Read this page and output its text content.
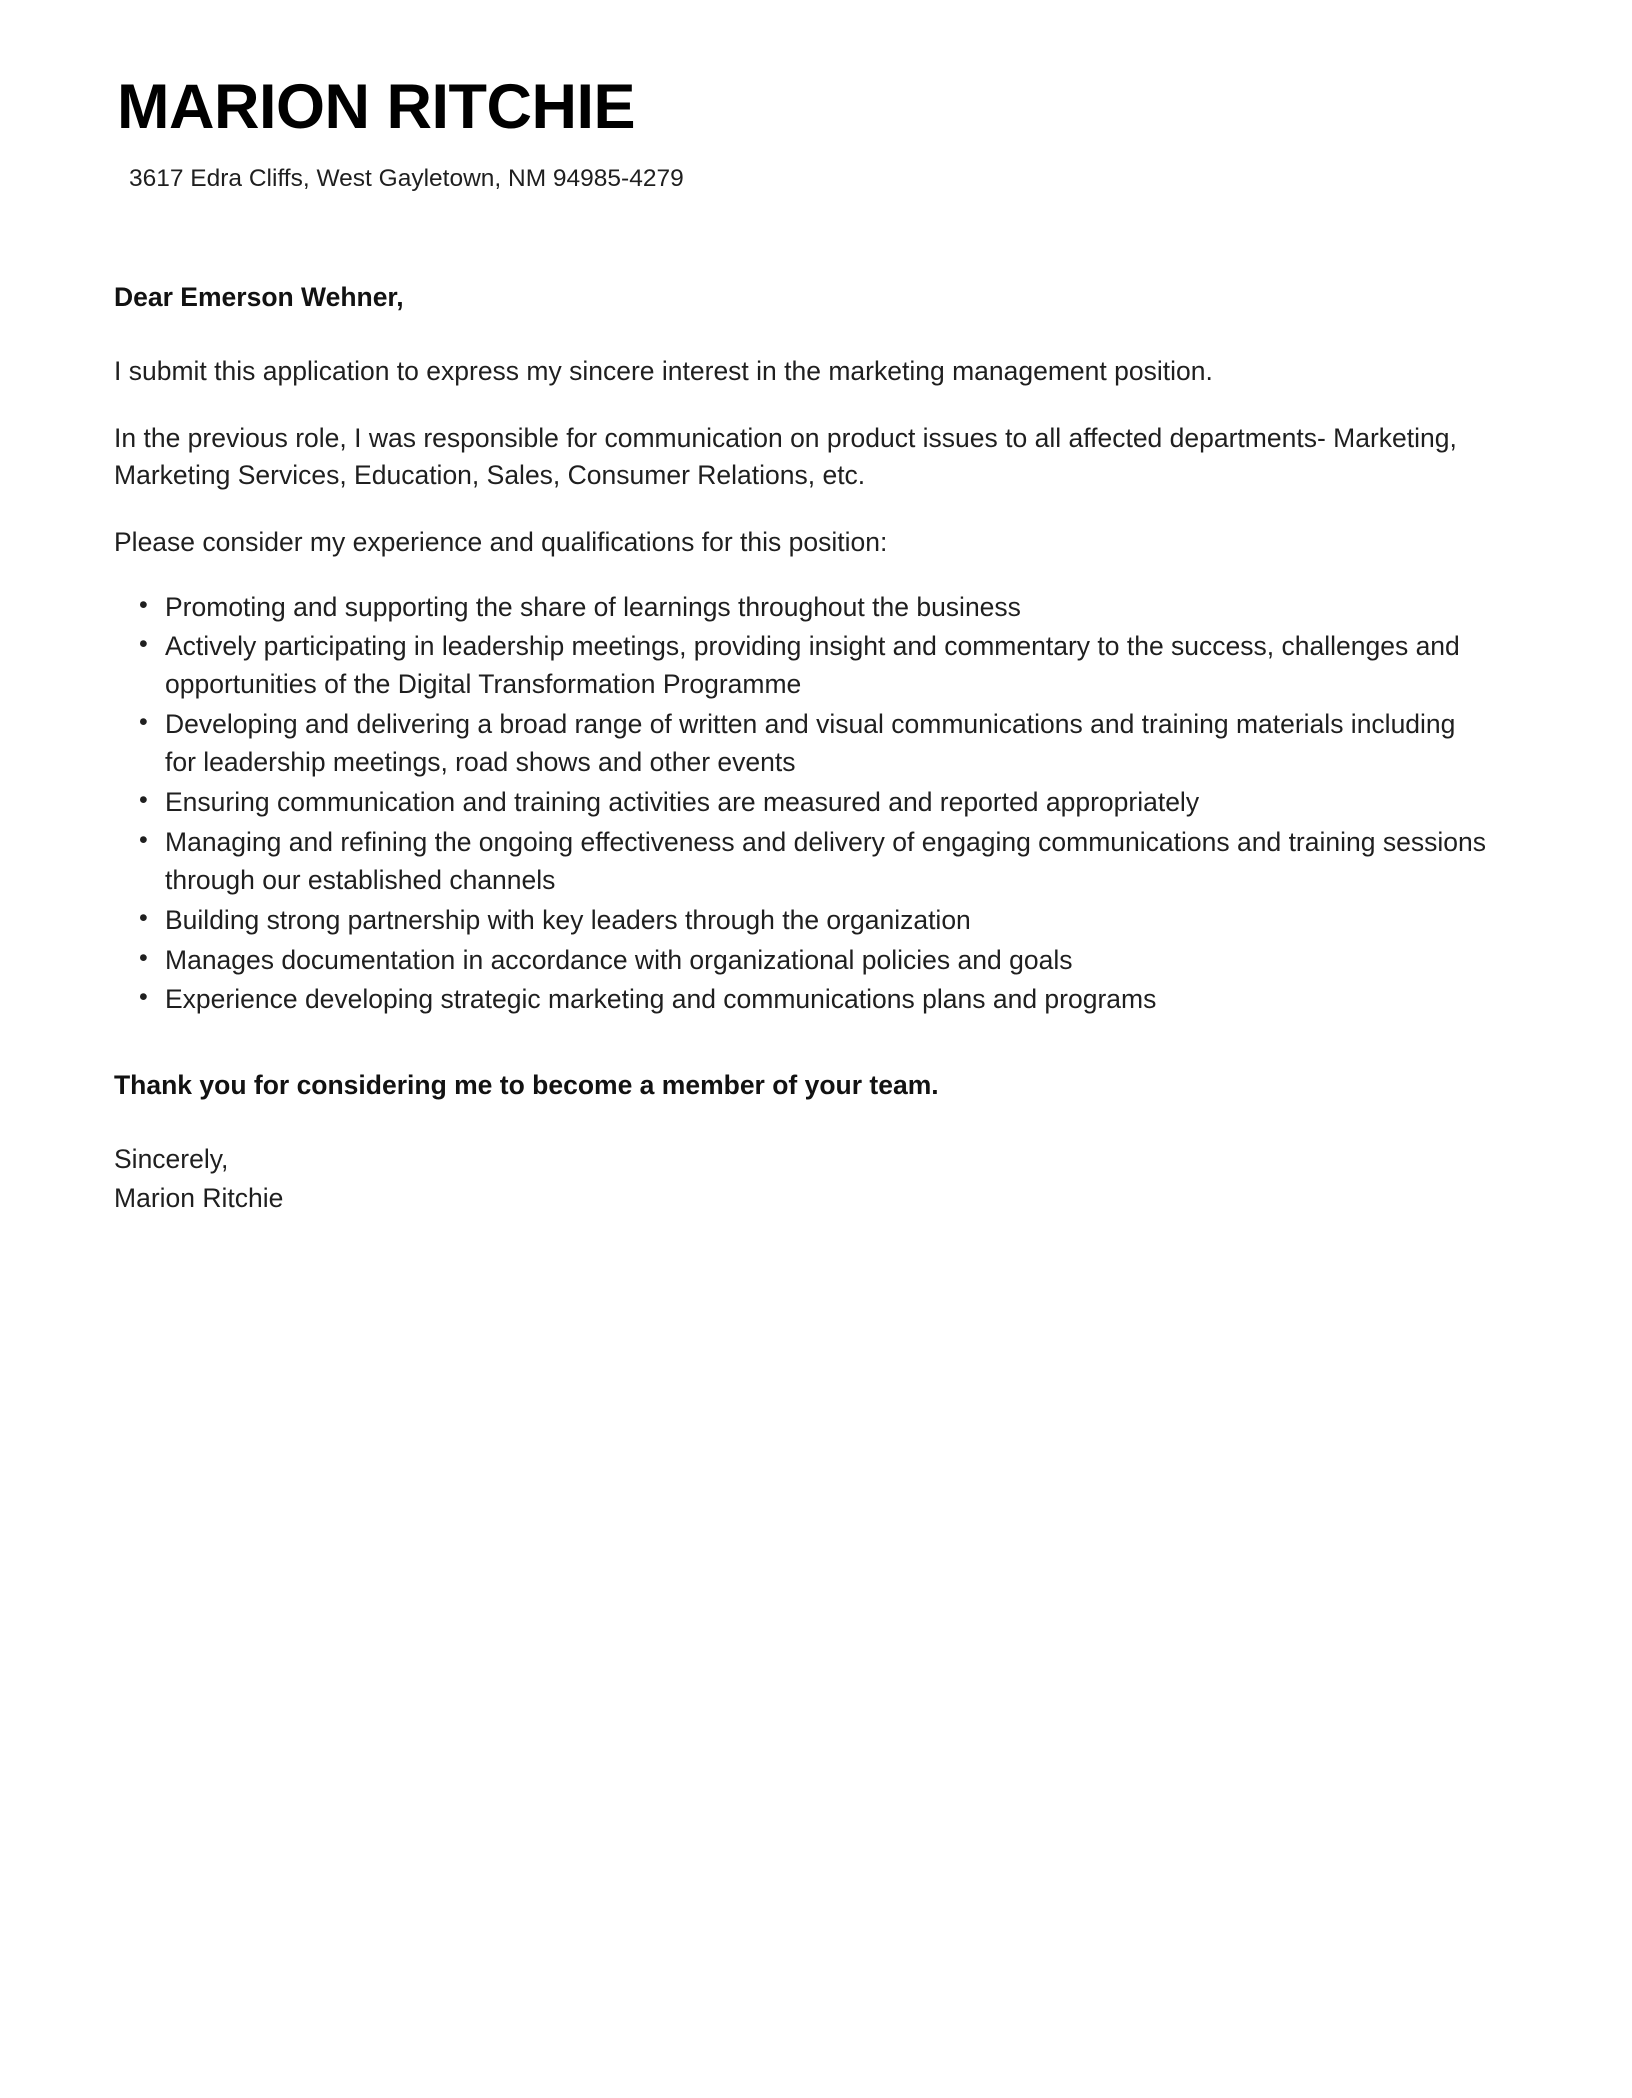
MARION RITCHIE
3617 Edra Cliffs, West Gayletown, NM 94985-4279

Dear Emerson Wehner,

I submit this application to express my sincere interest in the marketing management position.

In the previous role, I was responsible for communication on product issues to all affected departments- Marketing, Marketing Services, Education, Sales, Consumer Relations, etc.

Please consider my experience and qualifications for this position:

• Promoting and supporting the share of learnings throughout the business
• Actively participating in leadership meetings, providing insight and commentary to the success, challenges and opportunities of the Digital Transformation Programme
• Developing and delivering a broad range of written and visual communications and training materials including for leadership meetings, road shows and other events
• Ensuring communication and training activities are measured and reported appropriately
• Managing and refining the ongoing effectiveness and delivery of engaging communications and training sessions through our established channels
• Building strong partnership with key leaders through the organization
• Manages documentation in accordance with organizational policies and goals
• Experience developing strategic marketing and communications plans and programs

Thank you for considering me to become a member of your team.

Sincerely,
Marion Ritchie
